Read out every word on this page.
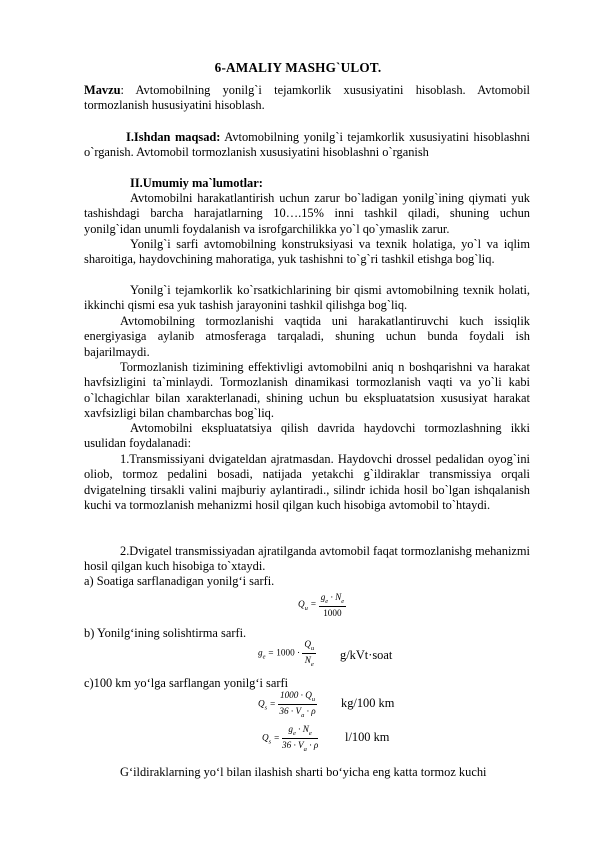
6-AMALIY MASHG`ULOT.
Mavzu: Avtomobilning yonilg`i tejamkorlik xususiyatini hisoblash. Avtomobil tormozlanish hususiyatini hisoblash.
I.Ishdan maqsad: Avtomobilning yonilg`i tejamkorlik xususiyatini hisoblashni o`rganish. Avtomobil tormozlanish xususiyatini hisoblashni o`rganish
II.Umumiy ma`lumotlar:
Avtomobilni harakatlantirish uchun zarur bo`ladigan yonilg`ining qiymati yuk tashishdagi barcha harajatlarning 10….15% inni tashkil qiladi, shuning uchun yonilg`idan unumli foydalanish va isrofgarchilikka yo`l qo`ymaslik zarur.
Yonilg`i sarfi avtomobilning konstruksiyasi va texnik holatiga, yo`l va iqlim sharoitiga, haydovchining mahoratiga, yuk tashishni to`g`ri tashkil etishga bog`liq.
Yonilg`i tejamkorlik ko`rsatkichlarining bir qismi avtomobilning texnik holati, ikkinchi qismi esa yuk tashish jarayonini tashkil qilishga bog`liq.
Avtomobilning tormozlanishi vaqtida uni harakatlantiruvchi kuch issiqlik energiyasiga aylanib atmosferaga tarqaladi, shuning uchun bunda foydali ish bajarilmaydi.
Tormozlanish tizimining effektivligi avtomobilni aniq n boshqarishni va harakat havfsizligini ta`minlaydi. Tormozlanish dinamikasi tormozlanish vaqti va yo`li kabi o`lchagichlar bilan xarakterlanadi, shining uchun bu ekspluatatsion xususiyat harakat xavfsizligi bilan chambarchas bog`liq.
Avtomobilni ekspluatatsiya qilish davrida haydovchi tormozlashning ikki usulidan foydalanadi:
1.Transmissiyani dvigateldan ajratmasdan. Haydovchi drossel pedalidan oyog`ini oliob, tormoz pedalini bosadi, natijada yetakchi g`ildiraklar transmissiya orqali dvigatelning tirsakli valini majburiy aylantiradi., silindr ichida hosil bo`lgan ishqalanish kuchi va tormozlanish mehanizmi hosil qilgan kuch hisobiga avtomobil to`htaydi.
2.Dvigatel transmissiyadan ajratilganda avtomobil faqat tormozlanishg mehanizmi hosil qilgan kuch hisobiga to`xtaydi.
a) Soatiga sarflanadigan yonilg‘i sarfi.
$Q_u = \frac{g_e \cdot N_e}{1000}$
b) Yonilg‘ining solishtirma sarfi.
$g_e = 1000 \cdot \frac{Q_u}{N_e}$ g/kVt·soat
c)100 km yo‘lga sarflangan yonilg‘i sarfi
$Q_s = \frac{1000 \cdot Q_u}{36 \cdot V_a \cdot \rho} kg/100$ km
$Q_s = \frac{g_e \cdot N_e}{36 \cdot V_a \cdot \rho} l/100$ km
G‘ildiraklarning yo‘l bilan ilashish sharti bo‘yicha eng katta tormoz kuchi
